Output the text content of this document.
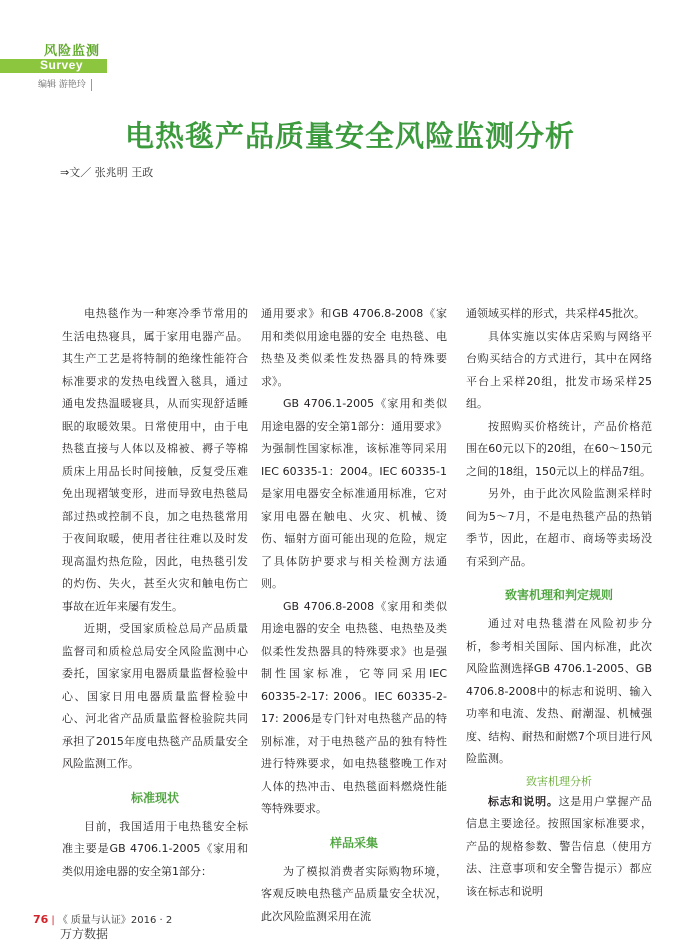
风险监测
Survey
编辑 游艳玲
电热毯产品质量安全风险监测分析
⇒文／ 张兆明 王政

电热毯作为一种寒冷季节常用的生活电热寝具，属于家用电器产品。其生产工艺是将特制的绝缘性能符合标准要求的发热电线置入毯具，通过通电发热温暖寝具，从而实现舒适睡眠的取暖效果。日常使用中，由于电热毯直接与人体以及棉被、褥子等棉质床上用品长时间接触，反复受压难免出现褶皱变形，进而导致电热毯局部过热或控制不良，加之电热毯常用于夜间取暖，使用者往往难以及时发现高温灼热危险，因此，电热毯引发的灼伤、失火，甚至火灾和触电伤亡事故在近年来屡有发生。

近期，受国家质检总局产品质量监督司和质检总局安全风险监测中心委托，国家家用电器质量监督检验中心、国家日用电器质量监督检验中心、河北省产品质量监督检验院共同承担了2015年度电热毯产品质量安全风险监测工作。

标准现状

目前，我国适用于电热毯安全标准主要是GB 4706.1-2005《家用和类似用途电器的安全第1部分：

通用要求》和GB 4706.8-2008《家用和类似用途电器的安全 电热毯、电热垫及类似柔性发热器具的特殊要求》。

GB 4706.1-2005《家用和类似用途电器的安全第1部分：通用要求》为强制性国家标准，该标准等同采用IEC 60335-1：2004。IEC 60335-1是家用电器安全标准通用标准，它对家用电器在触电、火灾、机械、烫伤、辐射方面可能出现的危险，规定了具体防护要求与相关检测方法通则。

GB 4706.8-2008《家用和类似用途电器的安全 电热毯、电热垫及类似柔性发热器具的特殊要求》也是强制性国家标准，它等同采用IEC 60335-2-17: 2006。IEC 60335-2-17: 2006是专门针对电热毯产品的特别标准，对于电热毯产品的独有特性进行特殊要求，如电热毯整晚工作对人体的热冲击、电热毯面料燃烧性能等特殊要求。

样品采集

为了模拟消费者实际购物环境，客观反映电热毯产品质量安全状况，此次风险监测采用在流

通领域买样的形式，共采样45批次。

具体实施以实体店采购与网络平台购买结合的方式进行，其中在网络平台上采样20组，批发市场采样25组。

按照购买价格统计，产品价格范围在60元以下的20组，在60～150元之间的18组，150元以上的样品7组。

另外，由于此次风险监测采样时间为5～7月，不是电热毯产品的热销季节，因此，在超市、商场等卖场没有采到产品。

致害机理和判定规则

通过对电热毯潜在风险初步分析，参考相关国际、国内标准，此次风险监测选择GB 4706.1-2005、GB 4706.8-2008中的标志和说明、输入功率和电流、发热、耐潮湿、机械强度、结构、耐热和耐燃7个项目进行风险监测。

致害机理分析

标志和说明。这是用户掌握产品信息主要途径。按照国家标准要求，产品的规格参数、警告信息（使用方法、注意事项和安全警告提示）都应该在标志和说明

76 | 《 质量与认证》2016 · 2
万方数据
